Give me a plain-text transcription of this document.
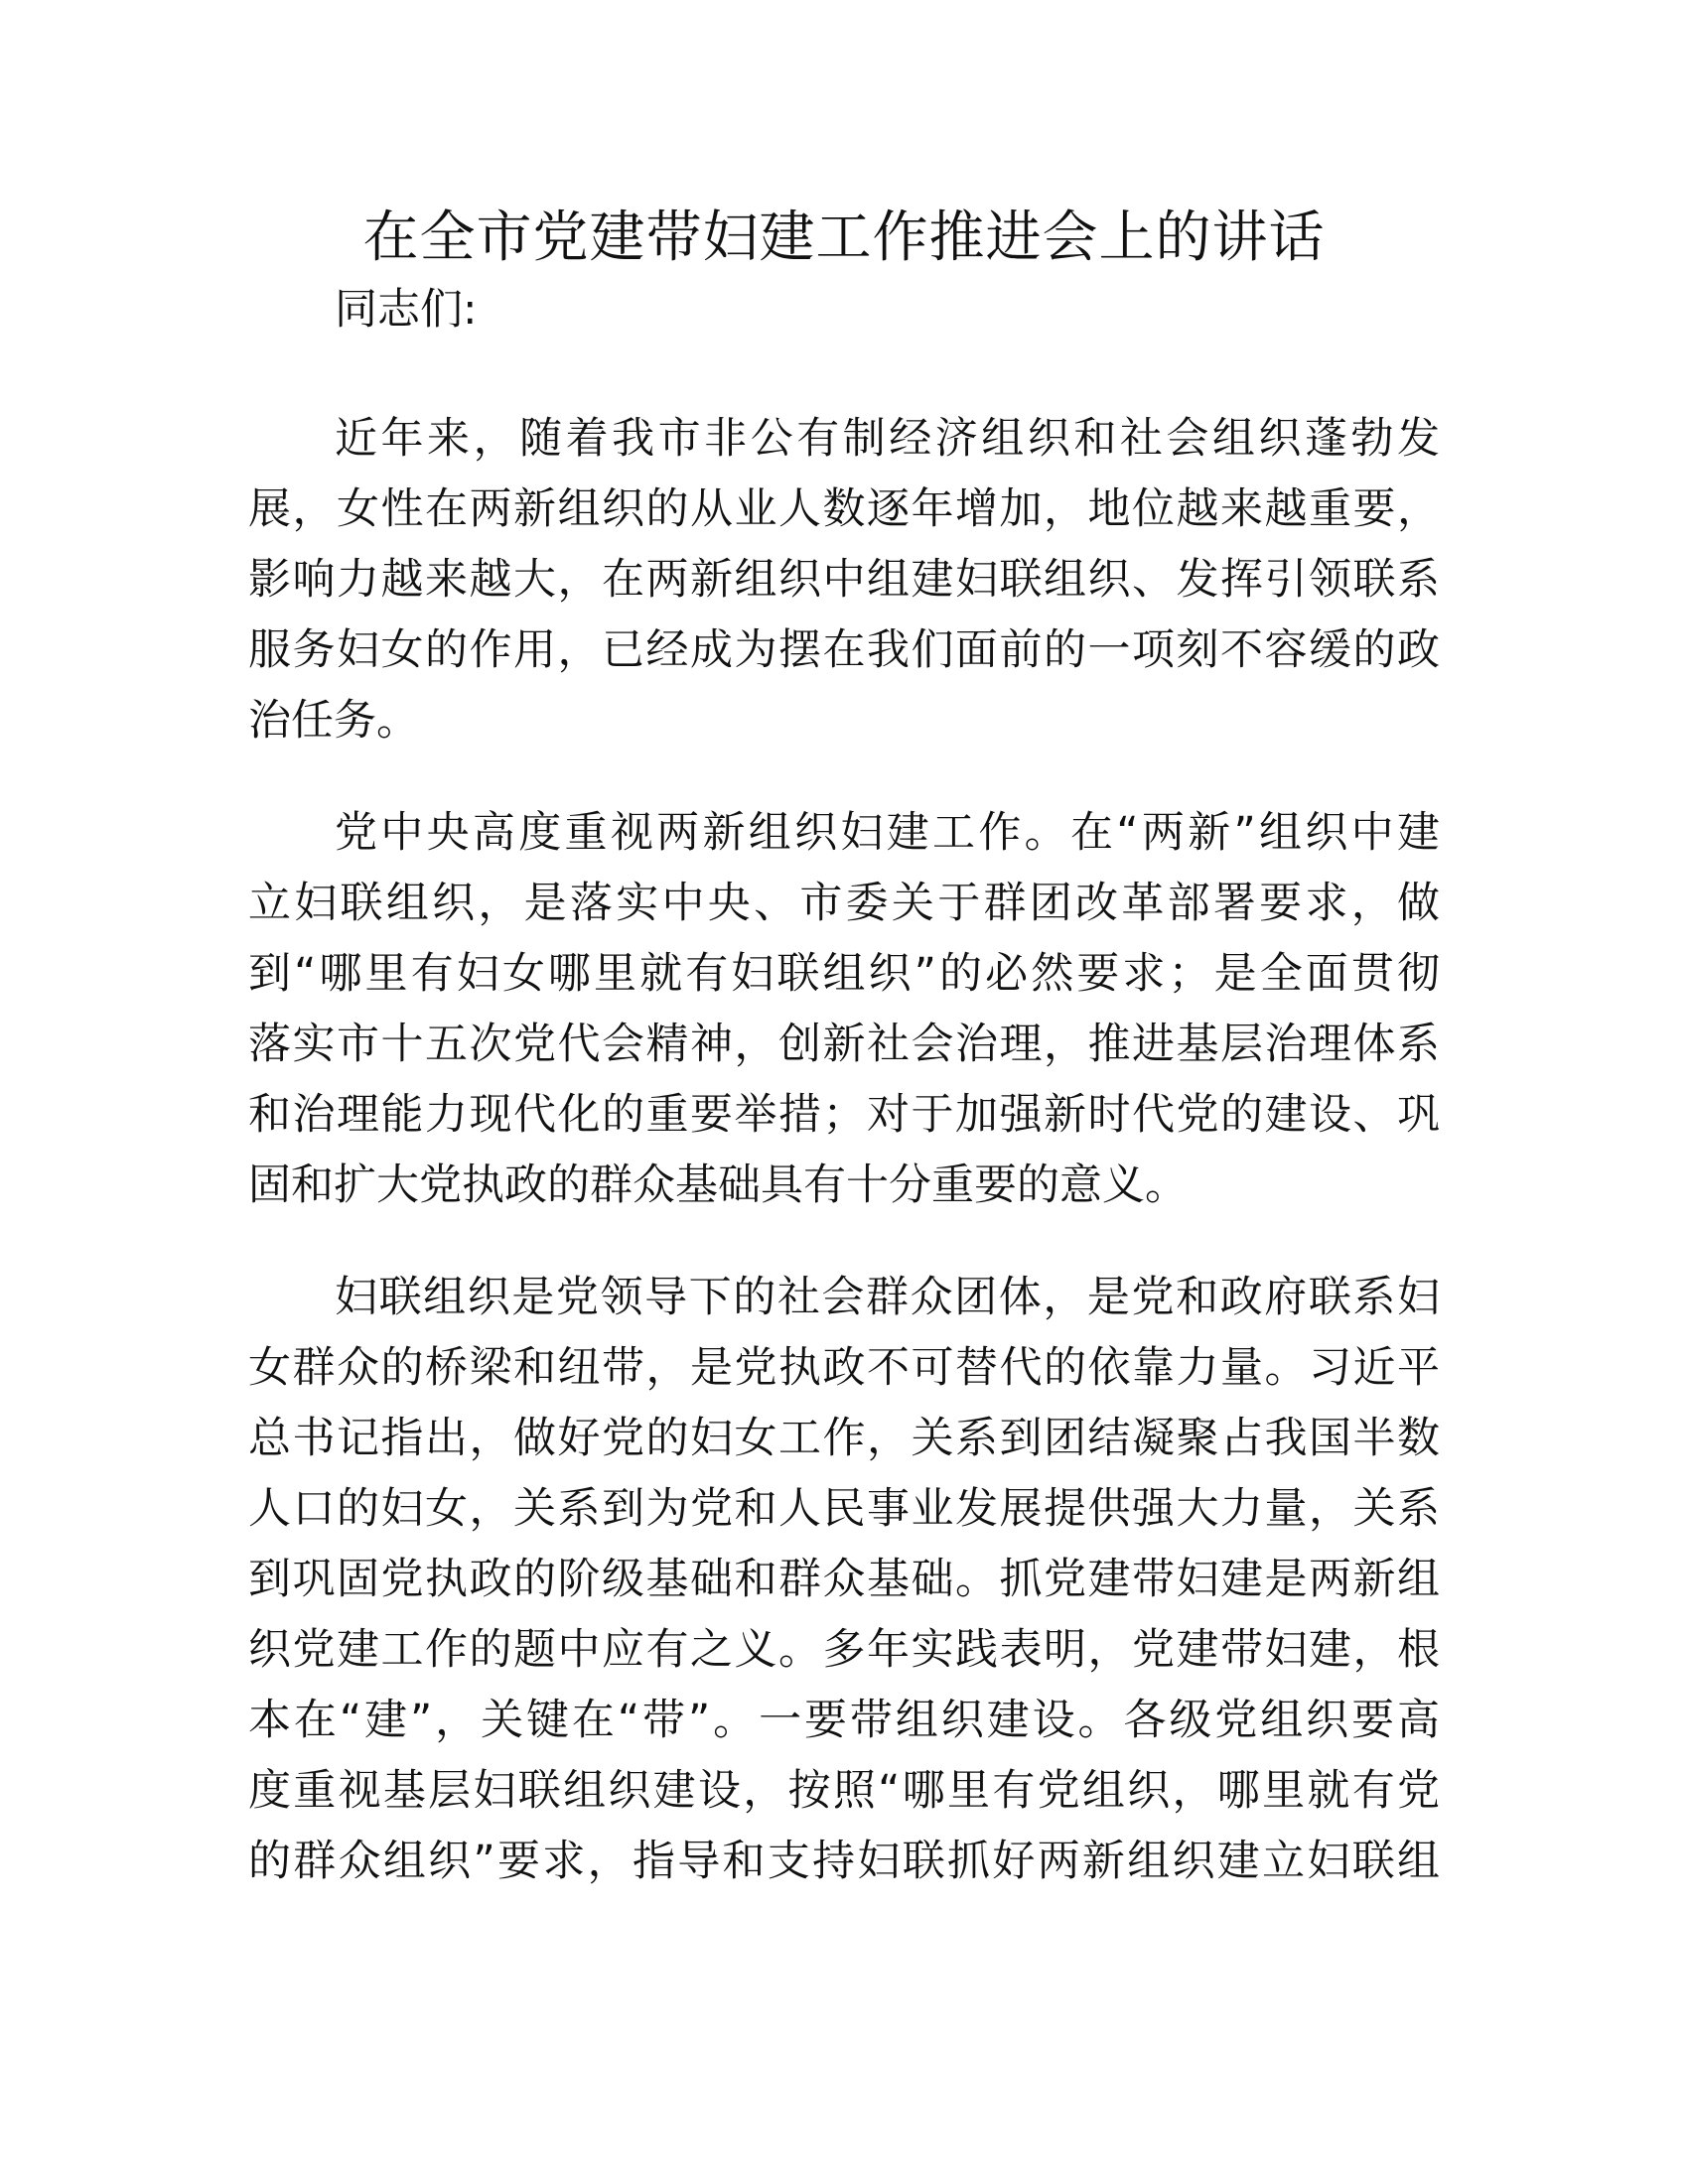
在全市党建带妇建工作推进会上的讲话

同志们:

近年来，随着我市非公有制经济组织和社会组织蓬勃发

展，女性在两新组织的从业人数逐年增加，地位越来越重要，

影响力越来越大，在两新组织中组建妇联组织、发挥引领联系

服务妇女的作用，已经成为摆在我们面前的一项刻不容缓的政

治任务。

党中央高度重视两新组织妇建工作。在“两新”组织中建

立妇联组织，是落实中央、市委关于群团改革部署要求，做

到“哪里有妇女哪里就有妇联组织”的必然要求；是全面贯彻

落实市十五次党代会精神，创新社会治理，推进基层治理体系

和治理能力现代化的重要举措；对于加强新时代党的建设、巩

固和扩大党执政的群众基础具有十分重要的意义。

妇联组织是党领导下的社会群众团体，是党和政府联系妇

女群众的桥梁和纽带，是党执政不可替代的依靠力量。习近平

总书记指出，做好党的妇女工作，关系到团结凝聚占我国半数

人口的妇女，关系到为党和人民事业发展提供强大力量，关系

到巩固党执政的阶级基础和群众基础。抓党建带妇建是两新组

织党建工作的题中应有之义。多年实践表明，党建带妇建，根

本在“建”，关键在“带”。一要带组织建设。各级党组织要高

度重视基层妇联组织建设，按照“哪里有党组织，哪里就有党

的群众组织”要求，指导和支持妇联抓好两新组织建立妇联组
